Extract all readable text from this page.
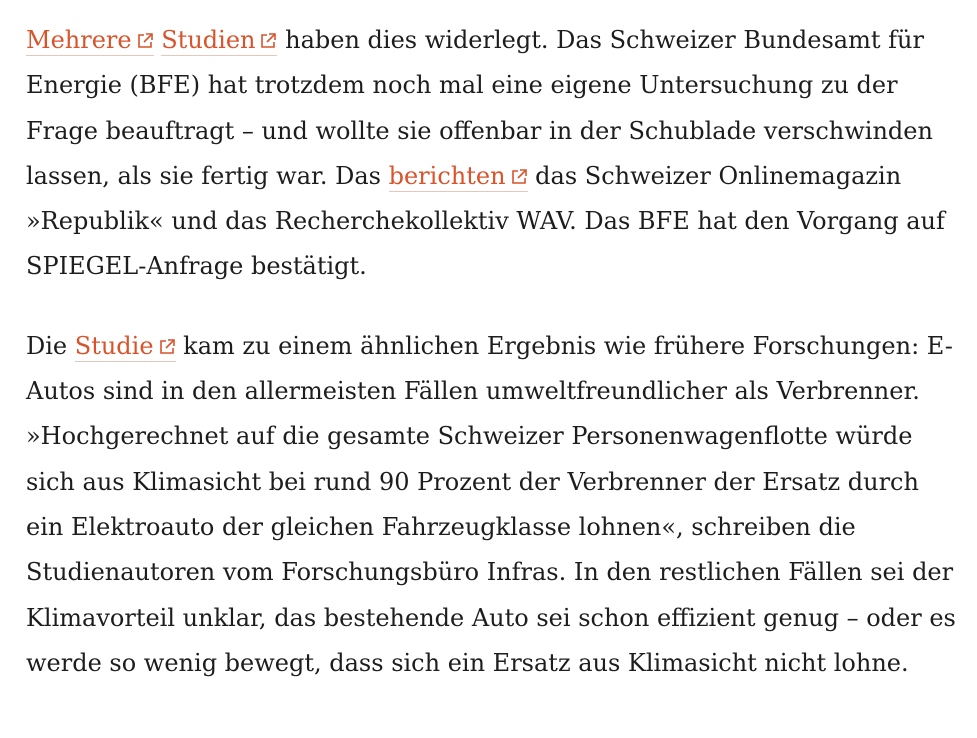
Mehrere Studien
haben dies widerlegt. Das Schweizer Bundesamt für Energie (BFE) hat trotzdem noch mal eine eigene Untersuchung zu der Frage beauftragt – und wollte sie offenbar in der Schublade verschwinden lassen, als sie fertig war. Das berichten
das Schweizer Onlinemagazin »Republik« und das Recherchekollektiv WAV. Das BFE hat den Vorgang auf SPIEGEL-Anfrage bestätigt.

Die Studie
kam zu einem ähnlichen Ergebnis wie frühere Forschungen: E-Autos sind in den allermeisten Fällen umweltfreundlicher als Verbrenner. »Hochgerechnet auf die gesamte Schweizer Personenwagenflotte würde sich aus Klimasicht bei rund 90 Prozent der Verbrenner der Ersatz durch ein Elektroauto der gleichen Fahrzeugklasse lohnen«, schreiben die Studienautoren vom Forschungsbüro Infras. In den restlichen Fällen sei der Klimavorteil unklar, das bestehende Auto sei schon effizient genug – oder es werde so wenig bewegt, dass sich ein Ersatz aus Klimasicht nicht lohne.
